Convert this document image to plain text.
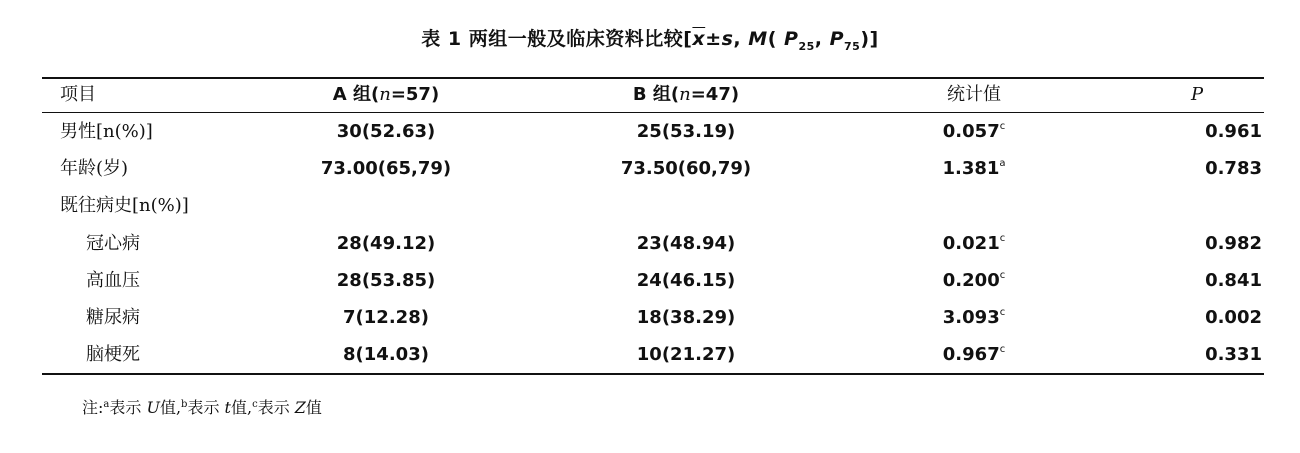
表 1 两组一般及临床资料比较[$\overline{x}\pm s$, M( $P_{25}$, $P_{75}$)]
项目	A 组(n=57)	B 组(n=47)	统计值	P
男性[n(%)]	30(52.63)	25(53.19)	0.057$^c$	0.961
年龄(岁)	73.00(65,79)	73.50(60,79)	1.381$^a$	0.783
既往病史[n(%)]
冠心病	28(49.12)	23(48.94)	0.021$^c$	0.982
高血压	28(53.85)	24(46.15)	0.200$^c$	0.841
糖尿病	7(12.28)	18(38.29)	3.093$^c$	0.002
脑梗死	8(14.03)	10(21.27)	0.967$^c$	0.331
注:$^a$表示 U值,$^b$表示 t值,$^c$表示 Z值
